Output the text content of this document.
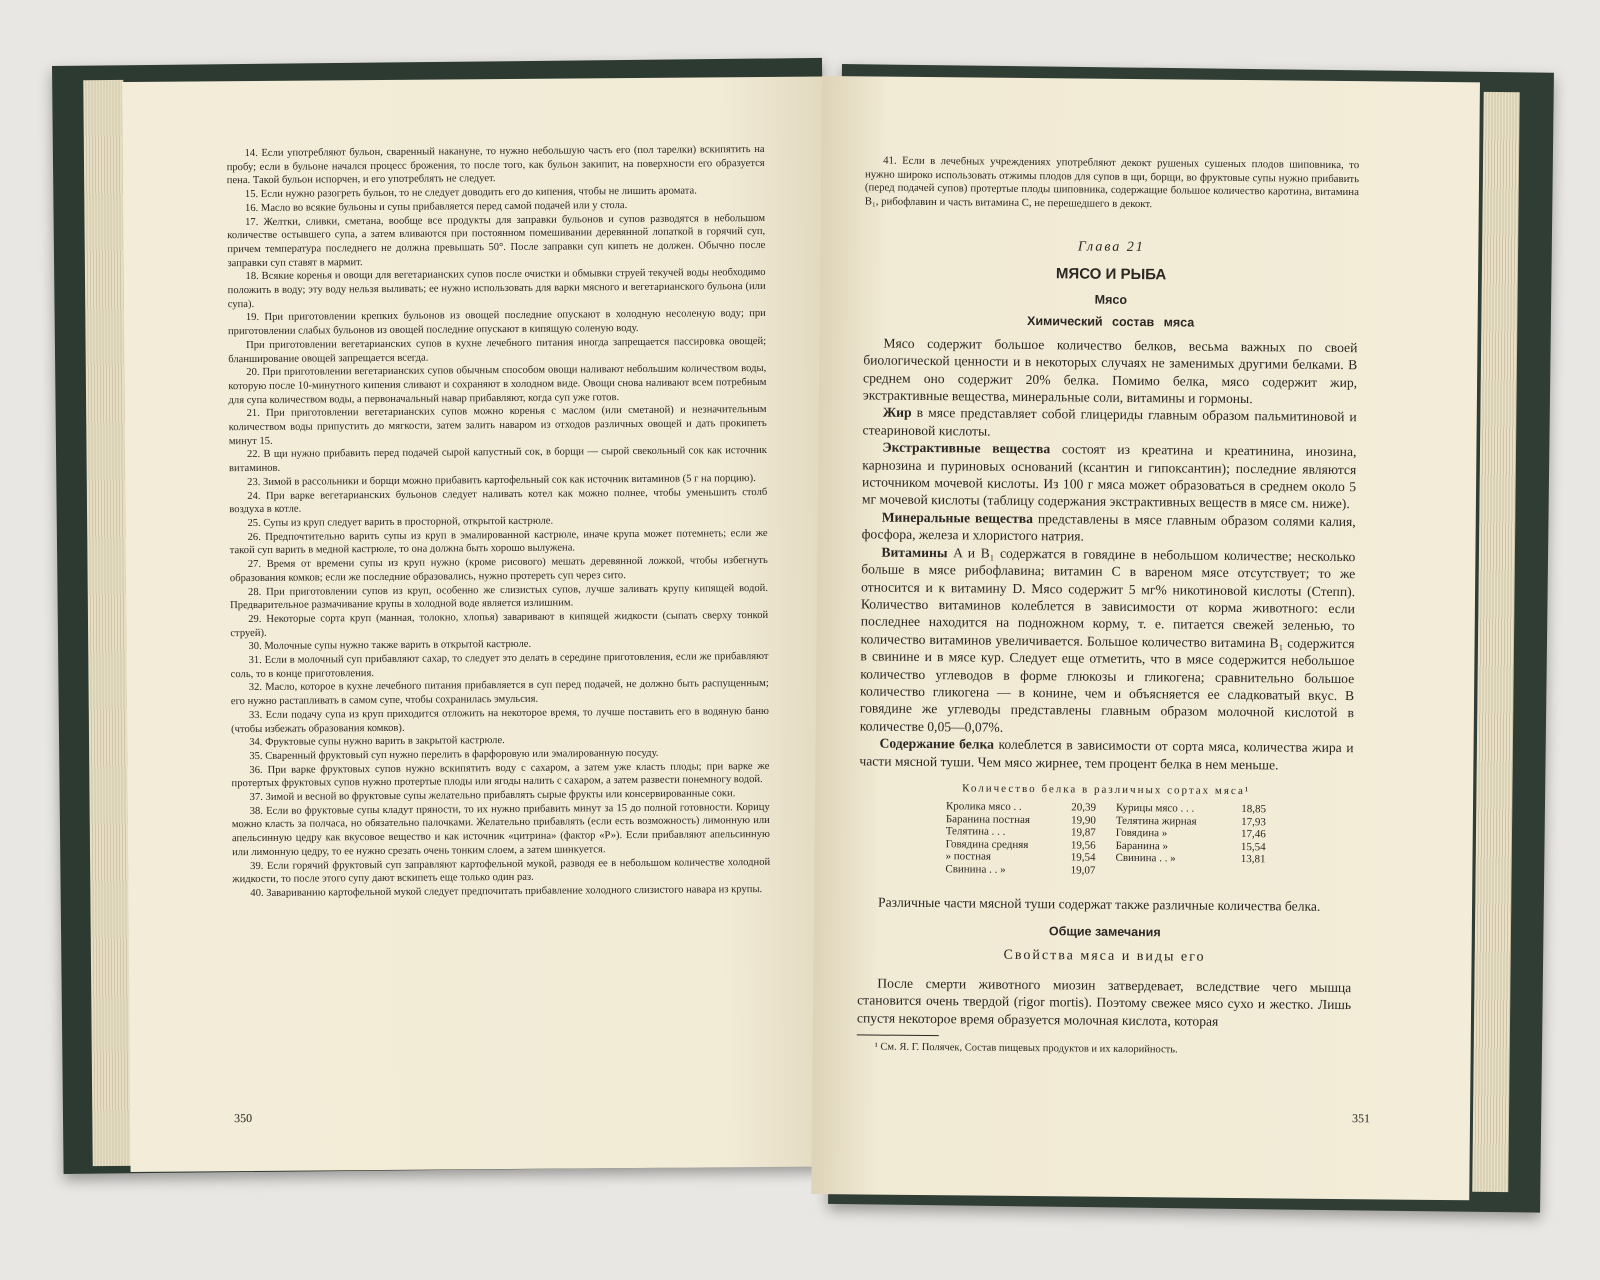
14. Если употребляют бульон, сваренный накануне, то нужно небольшую часть его (пол тарелки) вскипятить на пробу; если в бульоне начался процесс брожения, то после того, как бульон закипит, на поверхности его образуется пена. Такой бульон испорчен, и его употреблять не следует.

15. Если нужно разогреть бульон, то не следует доводить его до кипения, чтобы не лишить аромата.

16. Масло во всякие бульоны и супы прибавляется перед самой подачей или у стола.

17. Желтки, сливки, сметана, вообще все продукты для заправки бульонов и супов разводятся в небольшом количестве остывшего супа, а затем вливаются при постоянном помешивании деревянной лопаткой в горячий суп, причем температура последнего не должна превышать 50°. После заправки суп кипеть не должен. Обычно после заправки суп ставят в мармит.

18. Всякие коренья и овощи для вегетарианских супов после очистки и обмывки струей текучей воды необходимо положить в воду; эту воду нельзя выливать; ее нужно использовать для варки мясного и вегетарианского бульона (или супа).

19. При приготовлении крепких бульонов из овощей последние опускают в холодную несоленую воду; при приготовлении слабых бульонов из овощей последние опускают в кипящую соленую воду.

При приготовлении вегетарианских супов в кухне лечебного питания иногда запрещается пассировка овощей; бланширование овощей запрещается всегда.

20. При приготовлении вегетарианских супов обычным способом овощи наливают небольшим количеством воды, которую после 10-минутного кипения сливают и сохраняют в холодном виде. Овощи снова наливают всем потребным для супа количеством воды, а первоначальный навар прибавляют, когда суп уже готов.

21. При приготовлении вегетарианских супов можно коренья с маслом (или сметаной) и незначительным количеством воды припустить до мягкости, затем залить наваром из отходов различных овощей и дать прокипеть минут 15.

22. В щи нужно прибавить перед подачей сырой капустный сок, в борщи — сырой свекольный сок как источник витаминов.

23. Зимой в рассольники и борщи можно прибавить картофельный сок как источник витаминов (5 г на порцию).

24. При варке вегетарианских бульонов следует наливать котел как можно полнее, чтобы уменьшить столб воздуха в котле.

25. Супы из круп следует варить в просторной, открытой кастрюле.

26. Предпочтительно варить супы из круп в эмалированной кастрюле, иначе крупа может потемнеть; если же такой суп варить в медной кастрюле, то она должна быть хорошо вылужена.

27. Время от времени супы из круп нужно (кроме рисового) мешать деревянной ложкой, чтобы избегнуть образования комков; если же последние образовались, нужно протереть суп через сито.

28. При приготовлении супов из круп, особенно же слизистых супов, лучше заливать крупу кипящей водой. Предварительное размачивание крупы в холодной воде является излишним.

29. Некоторые сорта круп (манная, толокно, хлопья) заваривают в кипящей жидкости (сыпать сверху тонкой струей).

30. Молочные супы нужно также варить в открытой кастрюле.

31. Если в молочный суп прибавляют сахар, то следует это делать в середине приготовления, если же прибавляют соль, то в конце приготовления.

32. Масло, которое в кухне лечебного питания прибавляется в суп перед подачей, не должно быть распущенным; его нужно растапливать в самом супе, чтобы сохранилась эмульсия.

33. Если подачу супа из круп приходится отложить на некоторое время, то лучше поставить его в водяную баню (чтобы избежать образования комков).

34. Фруктовые супы нужно варить в закрытой кастрюле.

35. Сваренный фруктовый суп нужно перелить в фарфоровую или эмалированную посуду.

36. При варке фруктовых супов нужно вскипятить воду с сахаром, а затем уже класть плоды; при варке же протертых фруктовых супов нужно протертые плоды или ягоды налить с сахаром, а затем развести понемногу водой.

37. Зимой и весной во фруктовые супы желательно прибавлять сырые фрукты или консервированные соки.

38. Если во фруктовые супы кладут пряности, то их нужно прибавить минут за 15 до полной готовности. Корицу можно класть за полчаса, но обязательно палочками. Желательно прибавлять (если есть возможность) лимонную или апельсинную цедру как вкусовое вещество и как источник «цитрина» (фактор «Р»). Если прибавляют апельсинную или лимонную цедру, то ее нужно срезать очень тонким слоем, а затем шинкуется.

39. Если горячий фруктовый суп заправляют картофельной мукой, разводя ее в небольшом количестве холодной жидкости, то после этого супу дают вскипеть еще только один раз.

40. Завариванию картофельной мукой следует предпочитать прибавление холодного слизистого навара из крупы.

350

41. Если в лечебных учреждениях употребляют декокт рушеных сушеных плодов шиповника, то нужно широко использовать отжимы плодов для супов в щи, борщи, во фруктовые супы нужно прибавить (перед подачей супов) протертые плоды шиповника, содержащие большое количество каротина, витамина B₁, рибофлавин и часть витамина C, не перешедшего в декокт.

Глава 21
МЯСО И РЫБА
Мясо
Химический состав мяса

Мясо содержит большое количество белков, весьма важных по своей биологической ценности и в некоторых случаях не заменимых другими белками. В среднем оно содержит 20% белка. Помимо белка, мясо содержит жир, экстрактивные вещества, минеральные соли, витамины и гормоны.

Жир в мясе представляет собой глицериды главным образом пальмитиновой и стеариновой кислоты.

Экстрактивные вещества состоят из креатина и креатинина, инозина, карнозина и пуриновых оснований (ксантин и гипоксантин); последние являются источником мочевой кислоты. Из 100 г мяса может образоваться в среднем около 5 мг мочевой кислоты (таблицу содержания экстрактивных веществ в мясе см. ниже).

Минеральные вещества представлены в мясе главным образом солями калия, фосфора, железа и хлористого натрия.

Витамины A и B₁ содержатся в говядине в небольшом количестве; несколько больше в мясе рибофлавина; витамин C в вареном мясе отсутствует; то же относится и к витамину D. Мясо содержит 5 мг% никотиновой кислоты (Степп). Количество витаминов колеблется в зависимости от корма животного: если последнее находится на подножном корму, т. е. питается свежей зеленью, то количество витаминов увеличивается. Большое количество витамина B₁ содержится в свинине и в мясе кур. Следует еще отметить, что в мясе содержится небольшое количество углеводов в форме глюкозы и гликогена; сравнительно большое количество гликогена — в конине, чем и объясняется ее сладковатый вкус. В говядине же углеводы представлены главным образом молочной кислотой в количестве 0,05—0,07%.

Содержание белка колеблется в зависимости от сорта мяса, количества жира и части мясной туши. Чем мясо жирнее, тем процент белка в нем меньше.

Количество белка в различных сортах мяса¹
Кролика мясо . .	20,39
Баранина постная	19,90
Телятина . . .	19,87
Говядина средняя	19,56
» постная	19,54
Свинина . . »	19,07
Курицы мясо . . .	18,85
Телятина жирная	17,93
Говядина »	17,46
Баранина »	15,54
Свинина . . »	13,81

Различные части мясной туши содержат также различные количества белка.

Общие замечания
Свойства мяса и виды его

После смерти животного миозин затвердевает, вследствие чего мышца становится очень твердой (rigor mortis). Поэтому свежее мясо сухо и жестко. Лишь спустя некоторое время образуется молочная кислота, которая

¹ См. Я. Г. Полячек, Состав пищевых продуктов и их калорийность.
351
